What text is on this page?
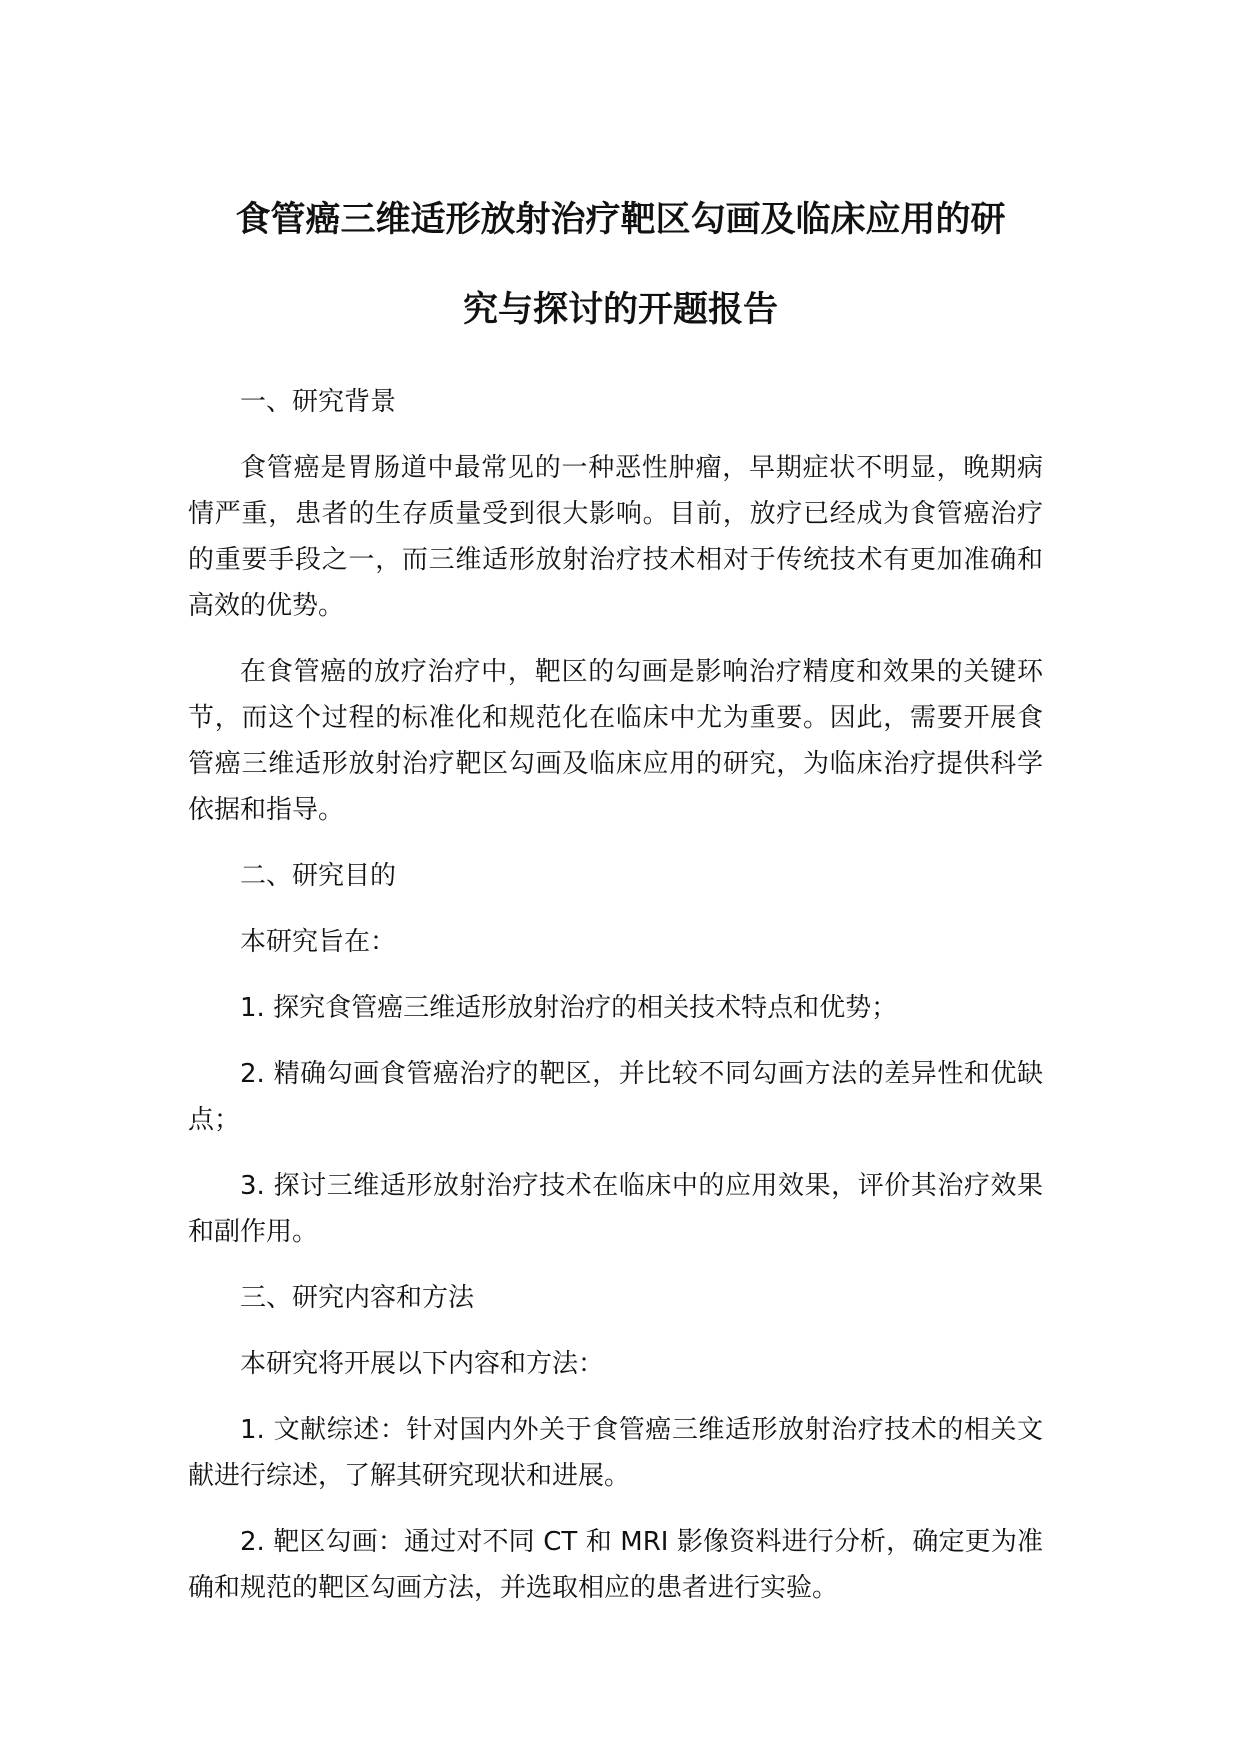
食管癌三维适形放射治疗靶区勾画及临床应用的研

究与探讨的开题报告

一、研究背景

食管癌是胃肠道中最常见的一种恶性肿瘤，早期症状不明显，晚期病情严重，患者的生存质量受到很大影响。目前，放疗已经成为食管癌治疗的重要手段之一，而三维适形放射治疗技术相对于传统技术有更加准确和高效的优势。

在食管癌的放疗治疗中，靶区的勾画是影响治疗精度和效果的关键环节，而这个过程的标准化和规范化在临床中尤为重要。因此，需要开展食管癌三维适形放射治疗靶区勾画及临床应用的研究，为临床治疗提供科学依据和指导。

二、研究目的

本研究旨在：

1. 探究食管癌三维适形放射治疗的相关技术特点和优势；

2. 精确勾画食管癌治疗的靶区，并比较不同勾画方法的差异性和优缺点；

3. 探讨三维适形放射治疗技术在临床中的应用效果，评价其治疗效果和副作用。

三、研究内容和方法

本研究将开展以下内容和方法：

1. 文献综述：针对国内外关于食管癌三维适形放射治疗技术的相关文献进行综述，了解其研究现状和进展。

2. 靶区勾画：通过对不同 CT 和 MRI 影像资料进行分析，确定更为准确和规范的靶区勾画方法，并选取相应的患者进行实验。
